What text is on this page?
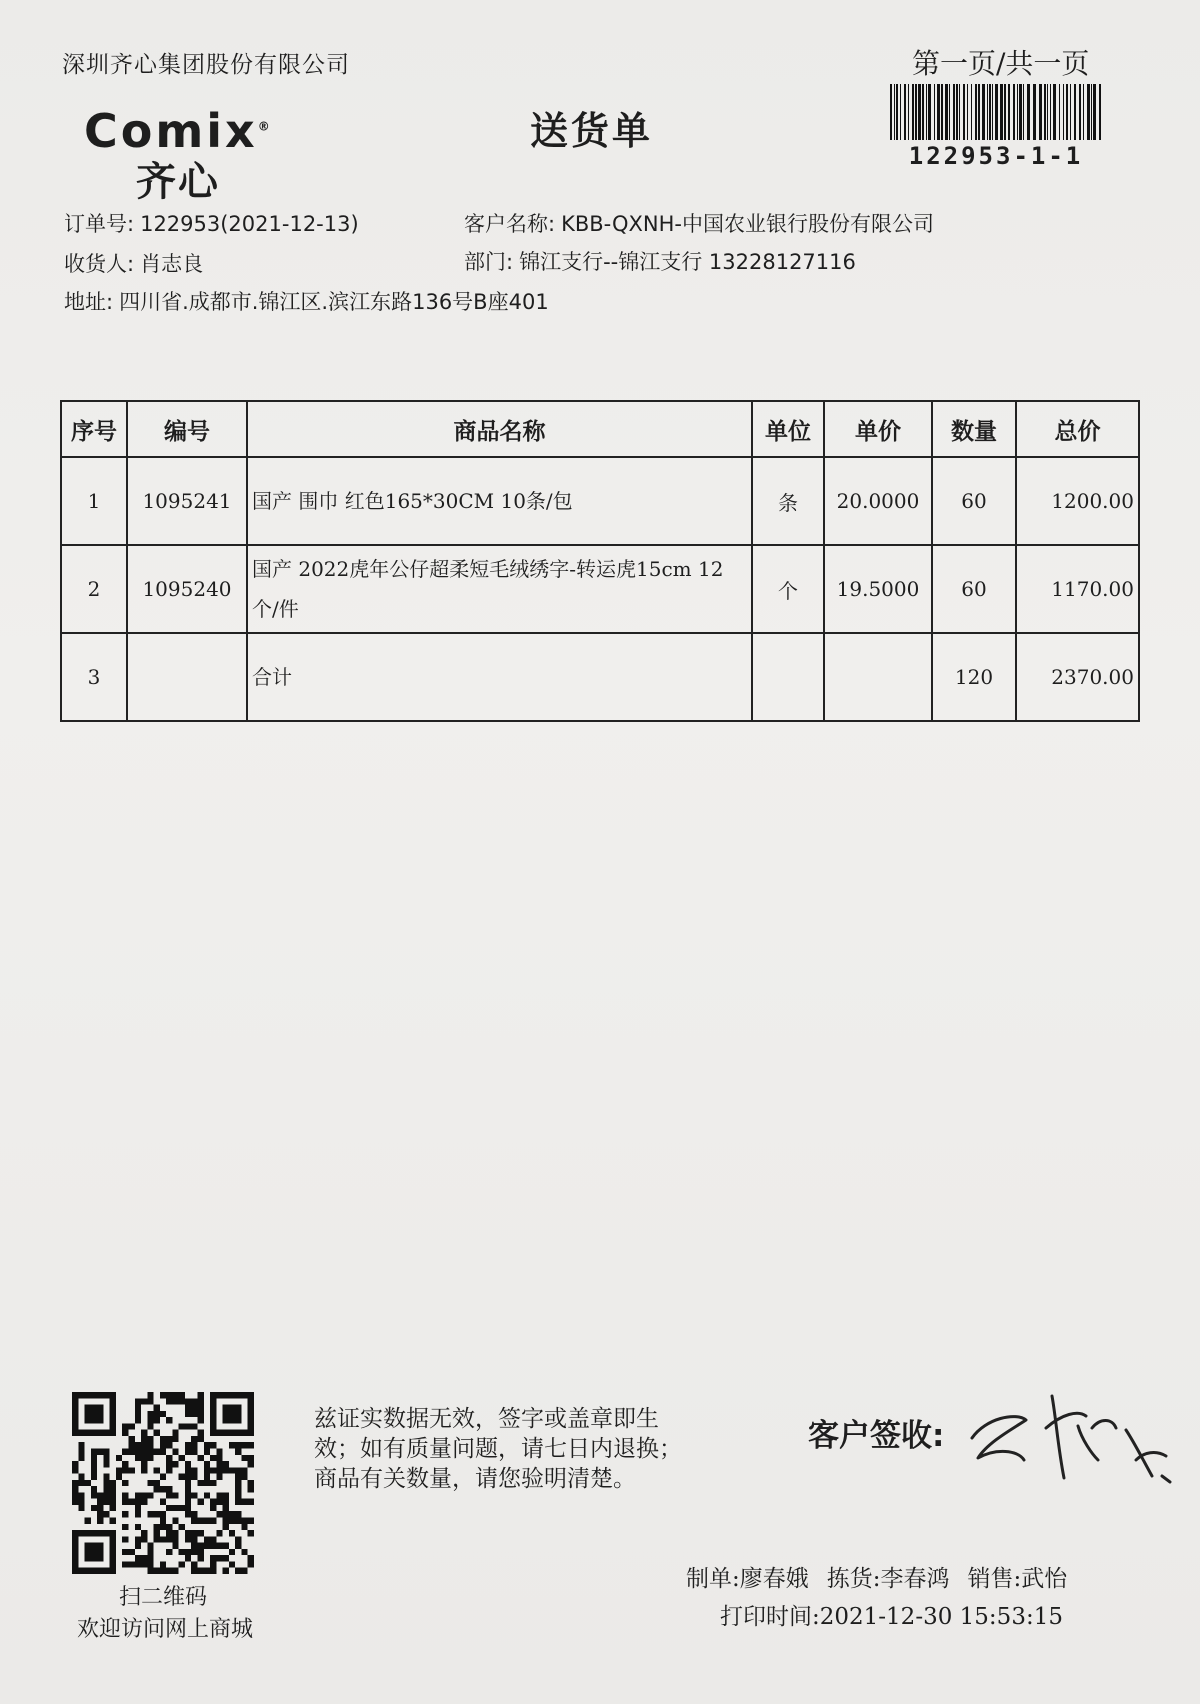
深圳齐心集团股份有限公司	第一页/共一页
122953-1-1
Comix®
齐心
送货单
订单号: 122953(2021-12-13)	客户名称: KBB-QXNH-中国农业银行股份有限公司
收货人: 肖志良	部门: 锦江支行--锦江支行 13228127116
地址: 四川省.成都市.锦江区.滨江东路136号B座401
序号	编号	商品名称	单位	单价	数量	总价
1	1095241	国产 围巾 红色165*30CM 10条/包	条	20.0000	60	1200.00
2	1095240	国产 2022虎年公仔超柔短毛绒绣字-转运虎15cm 12个/件	个	19.5000	60	1170.00
3		合计			120	2370.00
扫二维码
欢迎访问网上商城
兹证实数据无效，签字或盖章即生
效；如有质量问题，请七日内退换；
商品有关数量，请您验明清楚。
客户签收:
制单:廖春娥 拣货:李春鸿 销售:武怡
打印时间:2021-12-30 15:53:15
